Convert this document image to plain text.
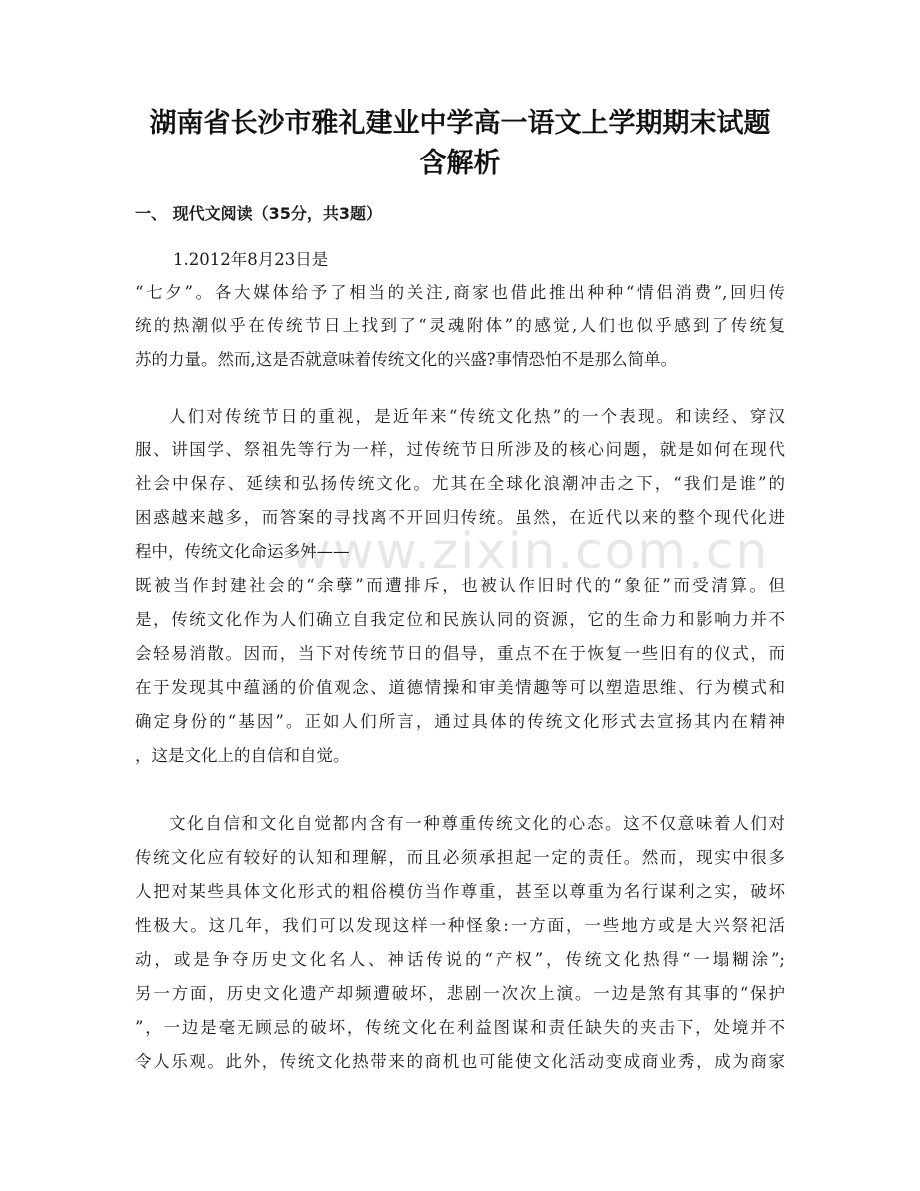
湖南省长沙市雅礼建业中学高一语文上学期期末试题
含解析
一、 现代文阅读（35分，共3题）
1.2012年8月23日是
www.zixin.com.cn
“七夕”。各大媒体给予了相当的关注,商家也借此推出种种“情侣消费”,回归传
统的热潮似乎在传统节日上找到了“灵魂附体”的感觉,人们也似乎感到了传统复
苏的力量。然而,这是否就意味着传统文化的兴盛?事情恐怕不是那么简单。
人们对传统节日的重视，是近年来“传统文化热”的一个表现。和读经、穿汉
服、讲国学、祭祖先等行为一样，过传统节日所涉及的核心问题，就是如何在现代
社会中保存、延续和弘扬传统文化。尤其在全球化浪潮冲击之下，“我们是谁”的
困惑越来越多，而答案的寻找离不开回归传统。虽然，在近代以来的整个现代化进
程中，传统文化命运多舛——
既被当作封建社会的“余孽”而遭排斥，也被认作旧时代的“象征”而受清算。但
是，传统文化作为人们确立自我定位和民族认同的资源，它的生命力和影响力并不
会轻易消散。因而，当下对传统节日的倡导，重点不在于恢复一些旧有的仪式，而
在于发现其中蕴涵的价值观念、道德情操和审美情趣等可以塑造思维、行为模式和
确定身份的“基因”。正如人们所言，通过具体的传统文化形式去宣扬其内在精神
，这是文化上的自信和自觉。
文化自信和文化自觉都内含有一种尊重传统文化的心态。这不仅意味着人们对
传统文化应有较好的认知和理解，而且必须承担起一定的责任。然而，现实中很多
人把对某些具体文化形式的粗俗模仿当作尊重，甚至以尊重为名行谋利之实，破坏
性极大。这几年，我们可以发现这样一种怪象:一方面，一些地方或是大兴祭祀活
动，或是争夺历史文化名人、神话传说的“产权”，传统文化热得“一塌糊涂”;
另一方面，历史文化遗产却频遭破坏，悲剧一次次上演。一边是煞有其事的“保护
”，一边是毫无顾忌的破坏，传统文化在利益图谋和责任缺失的夹击下，处境并不
令人乐观。此外，传统文化热带来的商机也可能使文化活动变成商业秀，成为商家
